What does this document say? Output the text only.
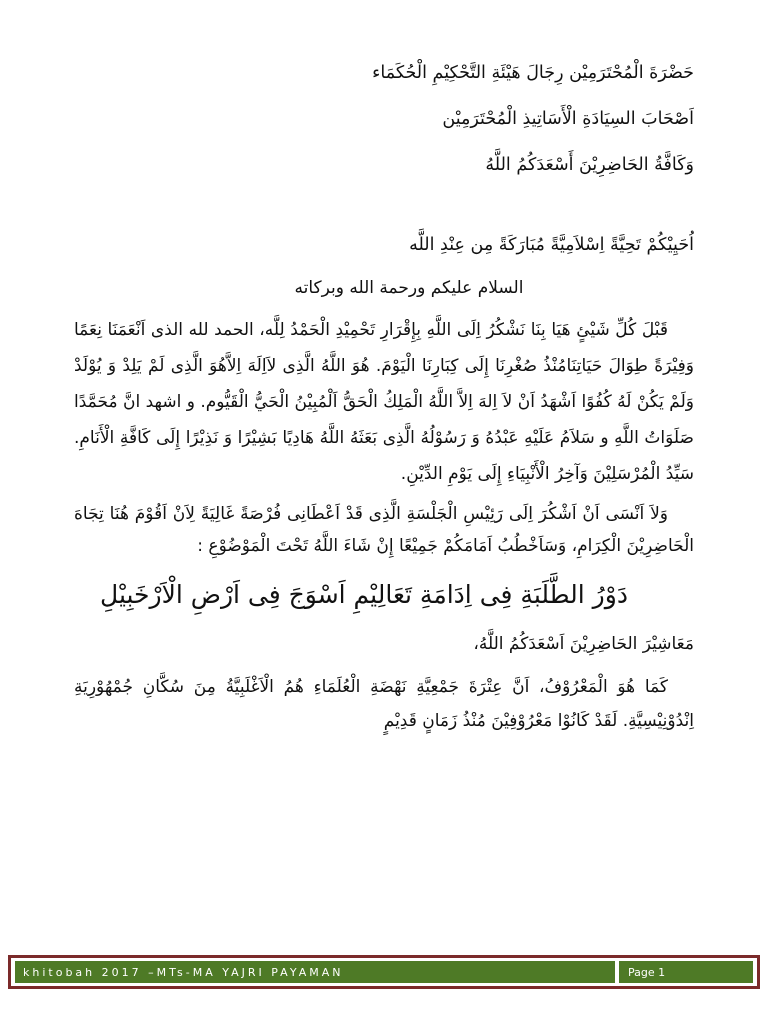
حَضْرَةَ الْمُحْتَرَمِيْن رِجَالَ هَيْئَةِ التَّحْكِيْمِ الْحُكَمَاء
اَصْحَابَ السِيَادَةِ الْأَسَاتِيذِ الْمُحْتَرَمِيْن
وَكَافَّةُ الحَاضِرِيْنَ أَسْعَدَكُمُ اللَّهُ
اُحَيِيْكُمْ تَحِيَّةً اِسْلاَمِيَّةً مُبَارَكَةً مِن عِنْدِ اللَّه
السلام عليكم ورحمة الله وبركاته

قَبْلَ كُلِّ شَيْئٍ هَيَا بِنَا نَشْكُرُ اِلَى اللَّهِ بِإِقْرَارِ تَحْمِيْدِ الْحَمْدُ لِلَّه، الحمد لله الذى اَنْعَمَنَا نِعَمًا وَفِيْرَةً طِوَالَ حَيَاتِنَامُنْذُ صُغْرِنَا إِلَى كِبَارِنَا الْيَوْمَ. هُوَ اللَّهُ الَّذِى لاَاِلَهَ اِلاَّهُوَ الَّذِى لَمْ يَلِدْ وَ يُوْلَدْ وَلَمْ يَكُنْ لَهُ كُفُوًا اَشْهَدُ اَنْ لاَ اِلهَ اِلاَّ اللَّهُ الْمَلِكُ الْحَقُّ اَلْمُبِيْنُ الْحَيُّ الْقَيُّوم. و اشهد انَّ مُحَمَّدًا صَلَوَاتُ اللَّهِ و سَلاَمُ عَلَيْهِ عَبْدُهُ وَ رَسُوْلُهُ الَّذِى بَعَثَهُ اللَّهُ هَادِيًا بَشِيْرًا وَ نَذِيْرًا إِلَى كَافَّةِ الْأَنَامِ. سَيِّدُ الْمُرْسَلِيْنَ وَآخِرُ الْأَنْبِيَاءِ إِلَى يَوْمِ الدِّيْنِ.

وَلاَ اَنْسَى اَنْ اَشْكُرَ اِلَى رَئِيْسِ الْجَلْسَةِ الَّذِى قَدْ اَعْطَانِى فُرْصَةً غَالِيَةً لِاَنْ اَقُوْمَ هُنَا تِجَاهَ الْحَاضِرِيْنَ الْكِرَامِ، وَسَاَخْطُبُ اَمَامَكُمْ جَمِيْعًا إِنْ شَاءَ اللَّهُ تَحْتَ الْمَوْضُوْعِ :

دَوْرُ الطَّلَبَةِ فِى اِدَامَةِ تَعَالِيْمِ اَسْوَجَ فِى اَرْضِ الْاَرْخَبِيْلِ
مَعَاشِيْرَ الحَاضِرِيْنَ اَسْعَدَكُمُ اللَّهُ،

كَمَا هُوَ الْمَعْرُوْفُ، اَنَّ عِتْرَةَ جَمْعِيَّةِ نَهْضَةِ الْعُلَمَاءِ هُمُ الْاَغْلَبِيَّةُ مِنَ سُكَّانِ جُمْهُوْرِيَةِ اِنْدُوْنِيْسِيَّةِ. لَقَدْ كَانُوْا مَعْرُوْفِيْنَ مُنْذُ زَمَانٍ قَدِيْمٍ

khitobah 2017 –MTs-MA YAJRI PAYAMAN	Page 1
